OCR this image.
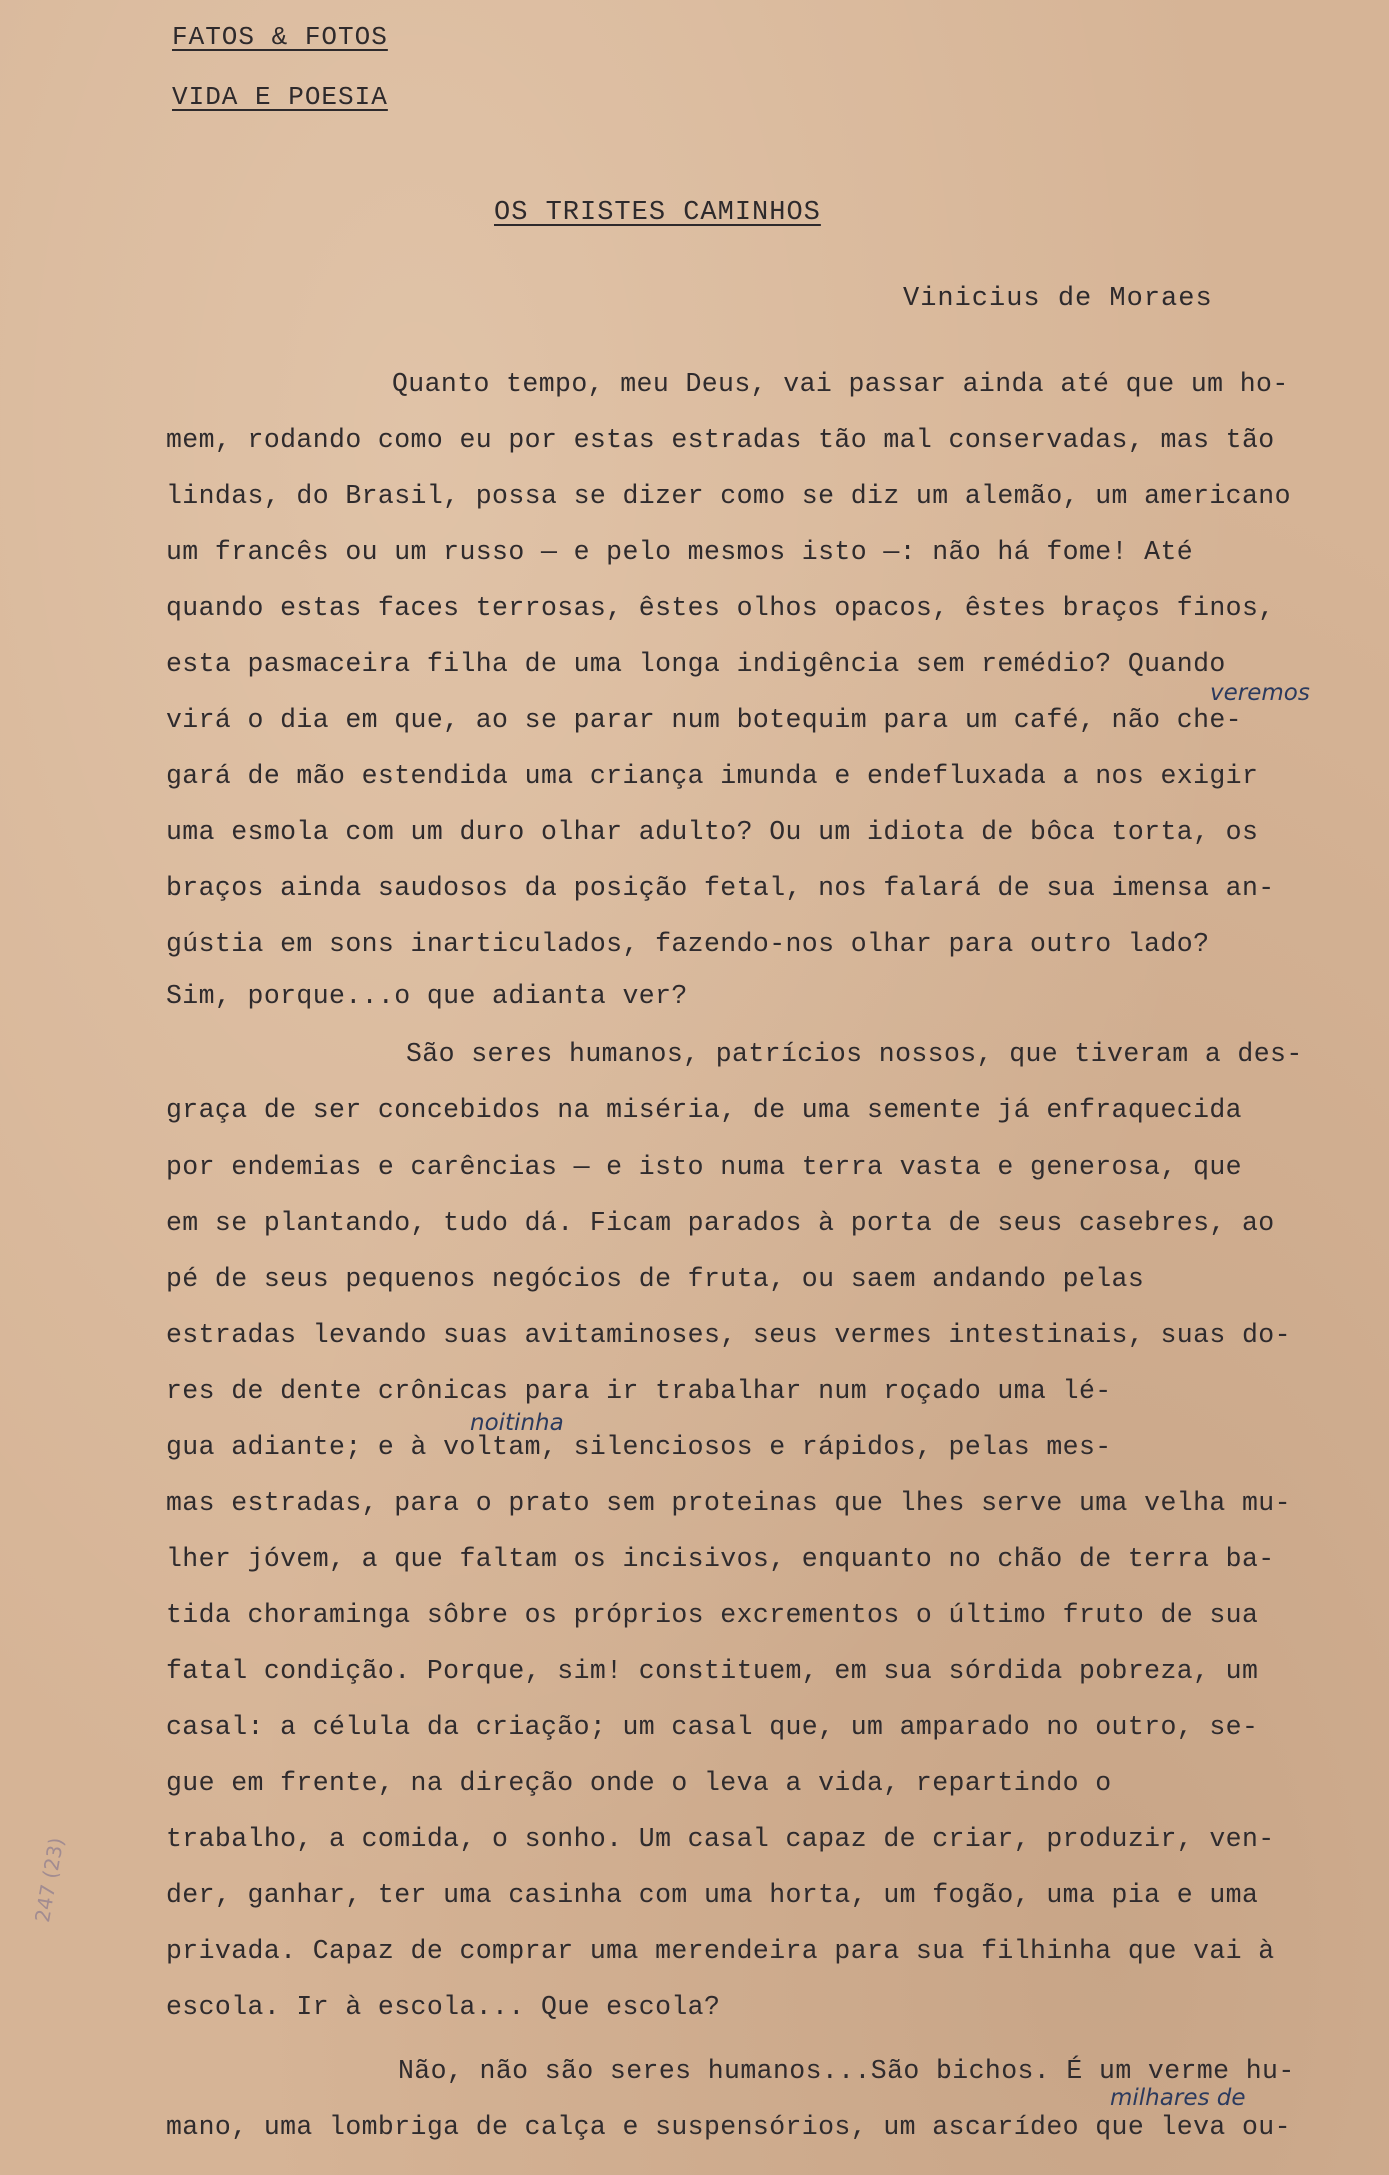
FATOS & FOTOS
VIDA E POESIA
OS TRISTES CAMINHOS
Vinicius de Moraes
Quanto tempo, meu Deus, vai passar ainda até que um ho-
mem, rodando como eu por estas estradas tão mal conservadas, mas tão
lindas, do Brasil, possa se dizer como se diz um alemão, um americano
um francês ou um russo — e pelo mesmos isto —: não há fome! Até
quando estas faces terrosas, êstes olhos opacos, êstes braços finos,
esta pasmaceira filha de uma longa indigência sem remédio? Quando
virá o dia em que, ao se parar num botequim para um café, não che-
gará de mão estendida uma criança imunda e endefluxada a nos exigir
uma esmola com um duro olhar adulto? Ou um idiota de bôca torta, os
braços ainda saudosos da posição fetal, nos falará de sua imensa an-
gústia em sons inarticulados, fazendo-nos olhar para outro lado?
Sim, porque...o que adianta ver?
São seres humanos, patrícios nossos, que tiveram a des-
graça de ser concebidos na miséria, de uma semente já enfraquecida
por endemias e carências — e isto numa terra vasta e generosa, que
em se plantando, tudo dá. Ficam parados à porta de seus casebres, ao
pé de seus pequenos negócios de fruta, ou saem andando pelas
estradas levando suas avitaminoses, seus vermes intestinais, suas do-
res de dente crônicas para ir trabalhar num roçado uma lé-
gua adiante; e à voltam, silenciosos e rápidos, pelas mes-
mas estradas, para o prato sem proteinas que lhes serve uma velha mu-
lher jóvem, a que faltam os incisivos, enquanto no chão de terra ba-
tida choraminga sôbre os próprios excrementos o último fruto de sua
fatal condição. Porque, sim! constituem, em sua sórdida pobreza, um
casal: a célula da criação; um casal que, um amparado no outro, se-
gue em frente, na direção onde o leva a vida, repartindo o
trabalho, a comida, o sonho. Um casal capaz de criar, produzir, ven-
der, ganhar, ter uma casinha com uma horta, um fogão, uma pia e uma
privada. Capaz de comprar uma merendeira para sua filhinha que vai à
escola. Ir à escola... Que escola?
Não, não são seres humanos...São bichos. É um verme hu-
mano, uma lombriga de calça e suspensórios, um ascarídeo que leva ou-
veremos
noitinha
milhares de
247 (23)
